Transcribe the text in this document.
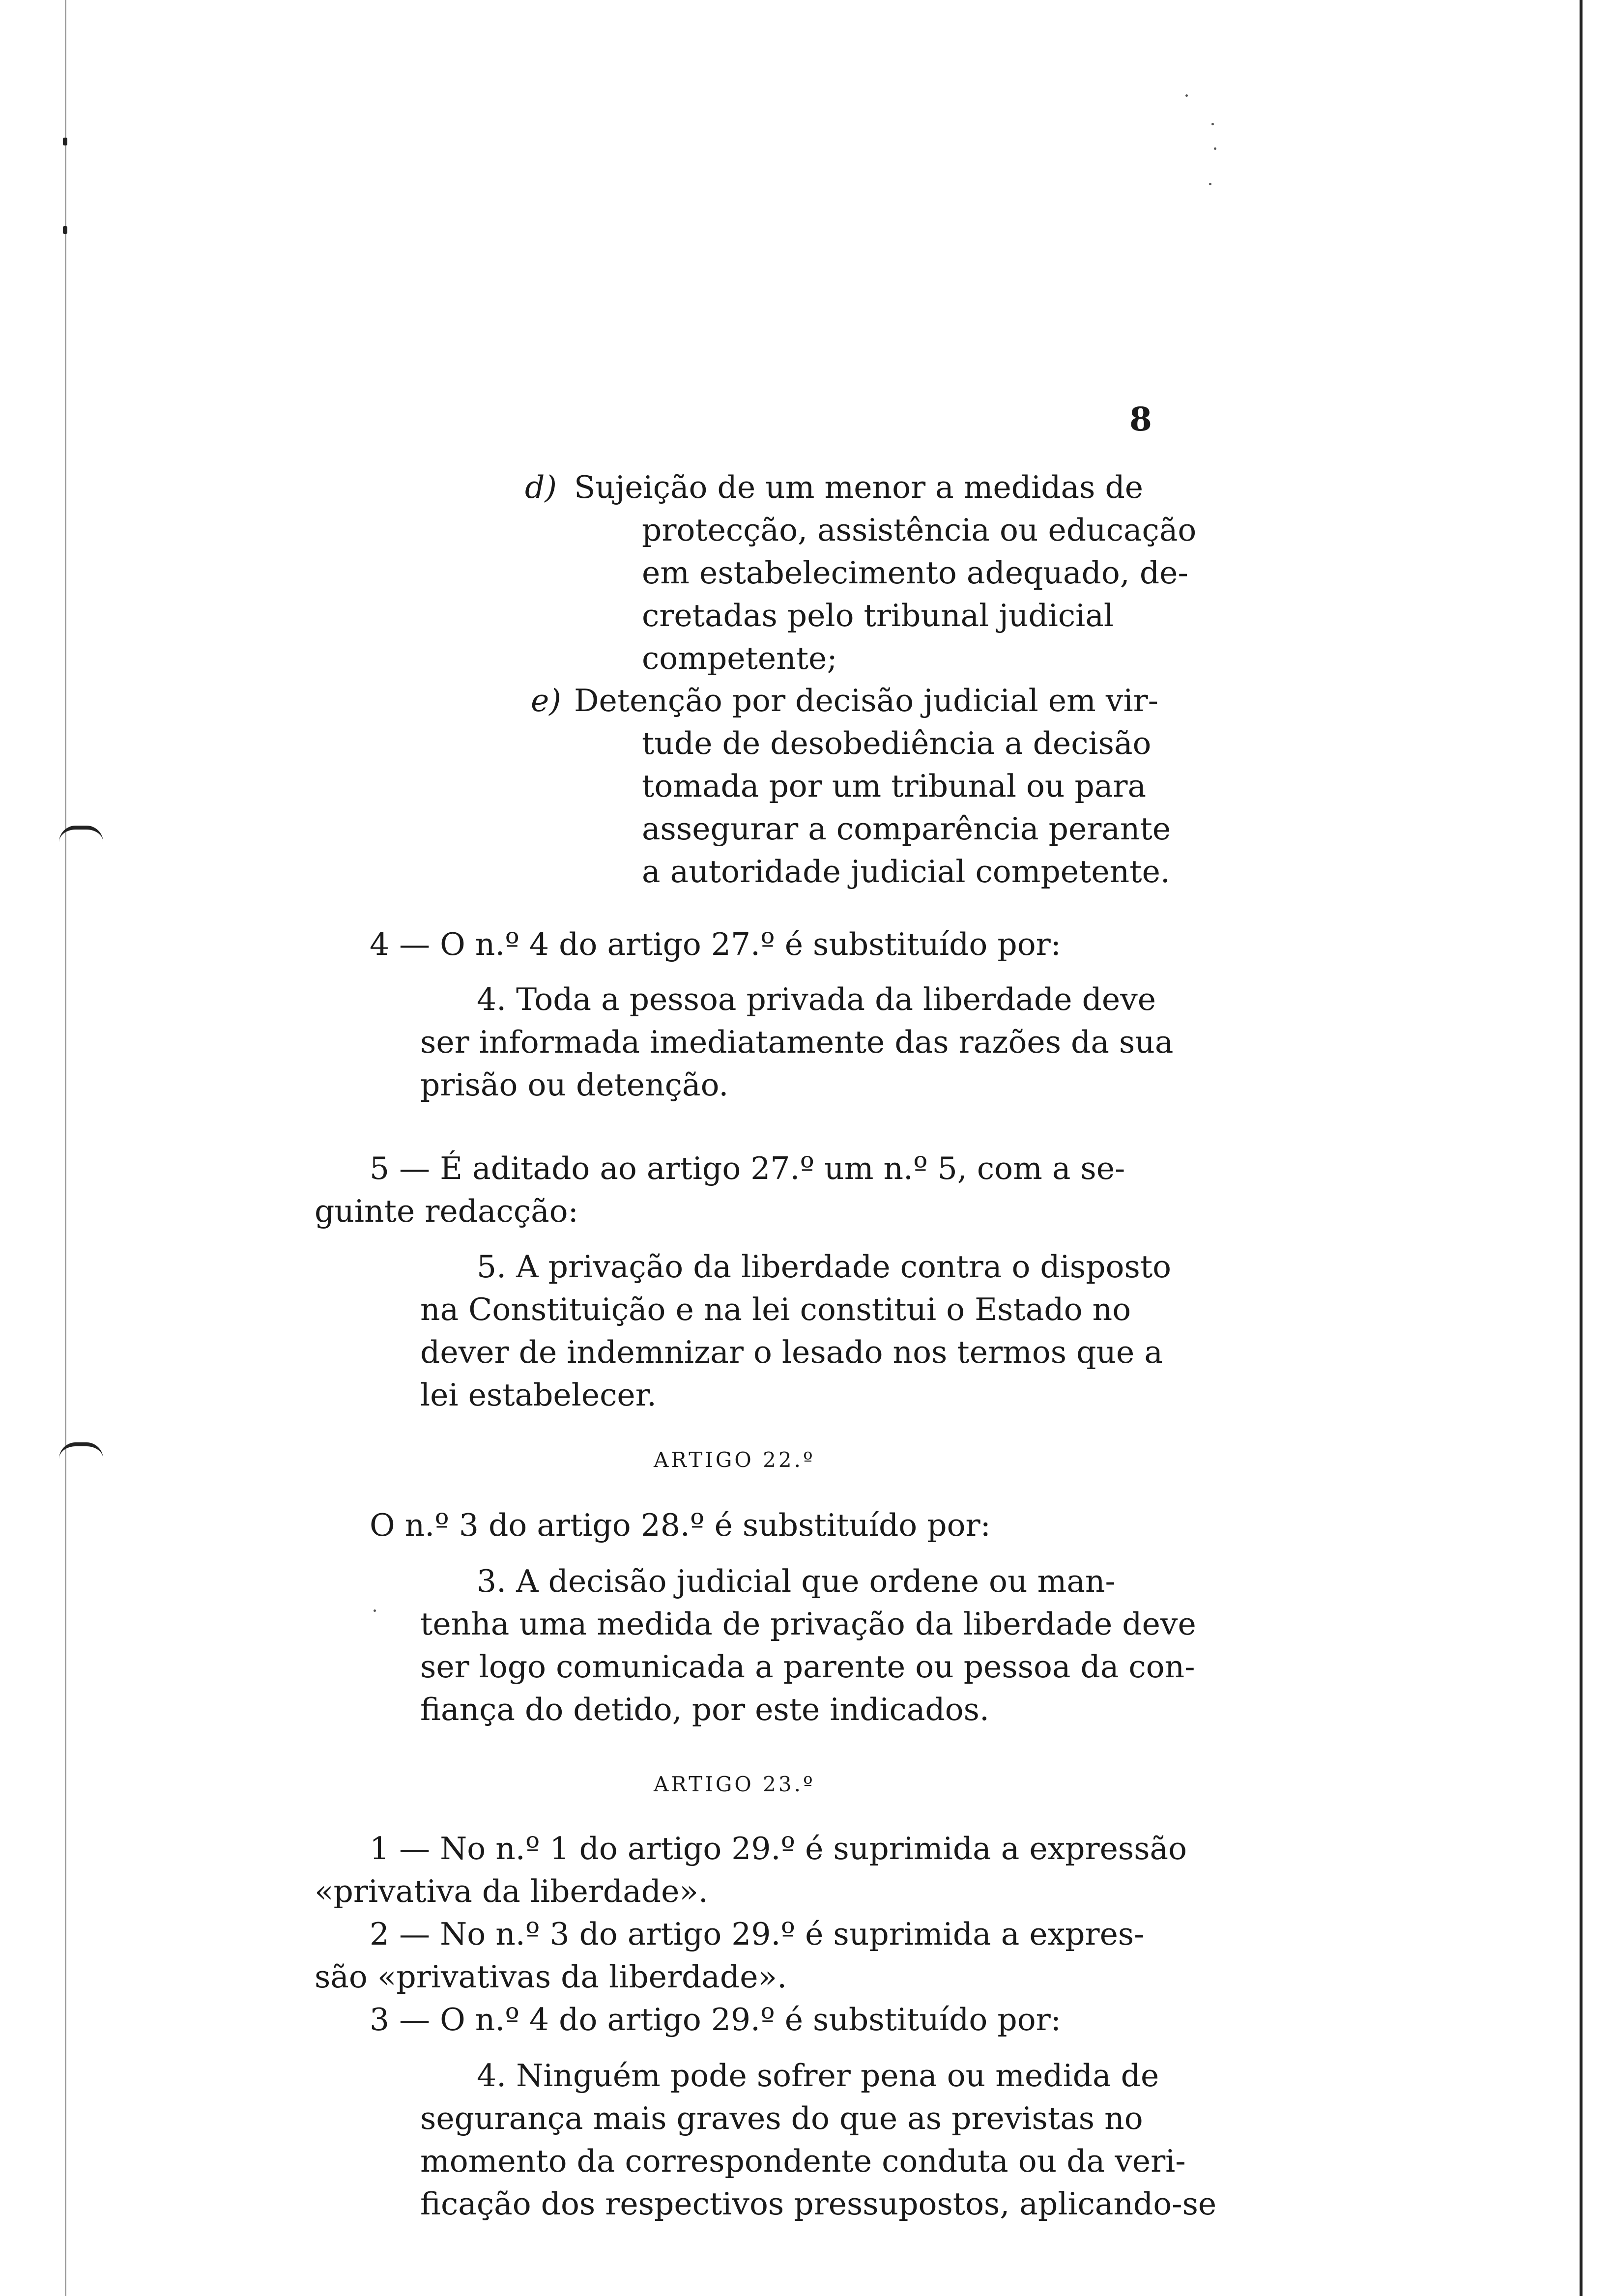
8
d) Sujeição de um menor a medidas de
protecção, assistência ou educação
em estabelecimento adequado, de-
cretadas pelo tribunal judicial
competente;
e) Detenção por decisão judicial em vir-
tude de desobediência a decisão
tomada por um tribunal ou para
assegurar a comparência perante
a autoridade judicial competente.
4 — O n.º 4 do artigo 27.º é substituído por:
4. Toda a pessoa privada da liberdade deve
ser informada imediatamente das razões da sua
prisão ou detenção.
5 — É aditado ao artigo 27.º um n.º 5, com a se-
guinte redacção:
5. A privação da liberdade contra o disposto
na Constituição e na lei constitui o Estado no
dever de indemnizar o lesado nos termos que a
lei estabelecer.
ARTIGO 22.º
O n.º 3 do artigo 28.º é substituído por:
3. A decisão judicial que ordene ou man-
tenha uma medida de privação da liberdade deve
ser logo comunicada a parente ou pessoa da con-
fiança do detido, por este indicados.
ARTIGO 23.º
1 — No n.º 1 do artigo 29.º é suprimida a expressão
«privativa da liberdade».
2 — No n.º 3 do artigo 29.º é suprimida a expres-
são «privativas da liberdade».
3 — O n.º 4 do artigo 29.º é substituído por:
4. Ninguém pode sofrer pena ou medida de
segurança mais graves do que as previstas no
momento da correspondente conduta ou da veri-
ficação dos respectivos pressupostos, aplicando-se
